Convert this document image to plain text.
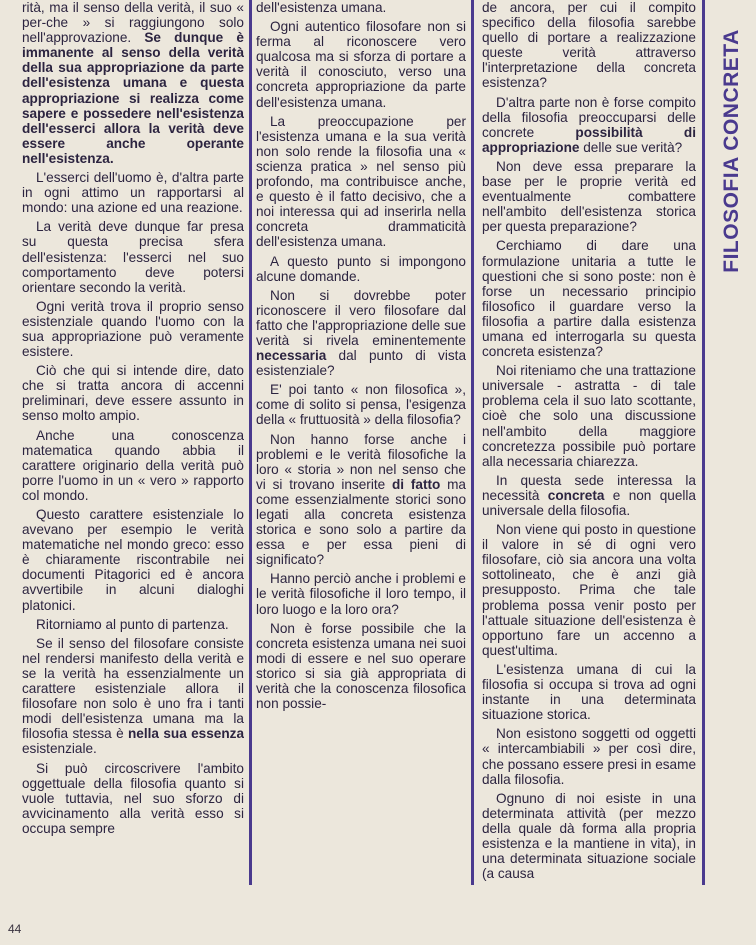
rità, ma il senso della verità, il suo « per-che » si raggiungono solo nell'approvazione. Se dunque è immanente al senso della verità della sua appropriazione da parte dell'esistenza umana e questa appropriazione si realizza come sapere e possedere nell'esistenza dell'esserci allora la verità deve essere anche operante nell'esistenza.

L'esserci dell'uomo è, d'altra parte in ogni attimo un rapportarsi al mondo: una azione ed una reazione.

La verità deve dunque far presa su questa precisa sfera dell'esistenza: l'esserci nel suo comportamento deve potersi orientare secondo la verità.

Ogni verità trova il proprio senso esistenziale quando l'uomo con la sua appropriazione può veramente esistere.

Ciò che qui si intende dire, dato che si tratta ancora di accenni preliminari, deve essere assunto in senso molto ampio.

Anche una conoscenza matematica quando abbia il carattere originario della verità può porre l'uomo in un « vero » rapporto col mondo.

Questo carattere esistenziale lo avevano per esempio le verità matematiche nel mondo greco: esso è chiaramente riscontrabile nei documenti Pitagorici ed è ancora avvertibile in alcuni dialoghi platonici.

Ritorniamo al punto di partenza.

Se il senso del filosofare consiste nel rendersi manifesto della verità e se la verità ha essenzialmente un carattere esistenziale allora il filosofare non solo è uno fra i tanti modi dell'esistenza umana ma la filosofia stessa è nella sua essenza esistenziale.

Si può circoscrivere l'ambito oggettuale della filosofia quanto si vuole tuttavia, nel suo sforzo di avvicinamento alla verità esso si occupa sempre

dell'esistenza umana.

Ogni autentico filosofare non si ferma al riconoscere vero qualcosa ma si sforza di portare a verità il conosciuto, verso una concreta appropriazione da parte dell'esistenza umana.

La preoccupazione per l'esistenza umana e la sua verità non solo rende la filosofia una « scienza pratica » nel senso più profondo, ma contribuisce anche, e questo è il fatto decisivo, che a noi interessa qui ad inserirla nella concreta drammaticità dell'esistenza umana.

A questo punto si impongono alcune domande.

Non si dovrebbe poter riconoscere il vero filosofare dal fatto che l'appropriazione delle sue verità si rivela eminentemente necessaria dal punto di vista esistenziale?

E' poi tanto « non filosofica », come di solito si pensa, l'esigenza della « fruttuosità » della filosofia?

Non hanno forse anche i problemi e le verità filosofiche la loro « storia » non nel senso che vi si trovano inserite di fatto ma come essenzialmente storici sono legati alla concreta esistenza storica e sono solo a partire da essa e per essa pieni di significato?

Hanno perciò anche i problemi e le verità filosofiche il loro tempo, il loro luogo e la loro ora?

Non è forse possibile che la concreta esistenza umana nei suoi modi di essere e nel suo operare storico si sia già appropriata di verità che la conoscenza filosofica non possie-

de ancora, per cui il compito specifico della filosofia sarebbe quello di portare a realizzazione queste verità attraverso l'interpretazione della concreta esistenza?

D'altra parte non è forse compito della filosofia preoccuparsi delle concrete possibilità di appropriazione delle sue verità?

Non deve essa preparare la base per le proprie verità ed eventualmente combattere nell'ambito dell'esistenza storica per questa preparazione?

Cerchiamo di dare una formulazione unitaria a tutte le questioni che si sono poste: non è forse un necessario principio filosofico il guardare verso la filosofia a partire dalla esistenza umana ed interrogarla su questa concreta esistenza?

Noi riteniamo che una trattazione universale - astratta - di tale problema cela il suo lato scottante, cioè che solo una discussione nell'ambito della maggiore concretezza possibile può portare alla necessaria chiarezza.

In questa sede interessa la necessità concreta e non quella universale della filosofia.

Non viene qui posto in questione il valore in sé di ogni vero filosofare, ciò sia ancora una volta sottolineato, che è anzi già presupposto. Prima che tale problema possa venir posto per l'attuale situazione dell'esistenza è opportuno fare un accenno a quest'ultima.

L'esistenza umana di cui la filosofia si occupa si trova ad ogni instante in una determinata situazione storica.

Non esistono soggetti od oggetti « intercambiabili » per così dire, che possano essere presi in esame dalla filosofia.

Ognuno di noi esiste in una determinata attività (per mezzo della quale dà forma alla propria esistenza e la mantiene in vita), in una determinata situazione sociale (a causa

FILOSOFIA CONCRETA
44
